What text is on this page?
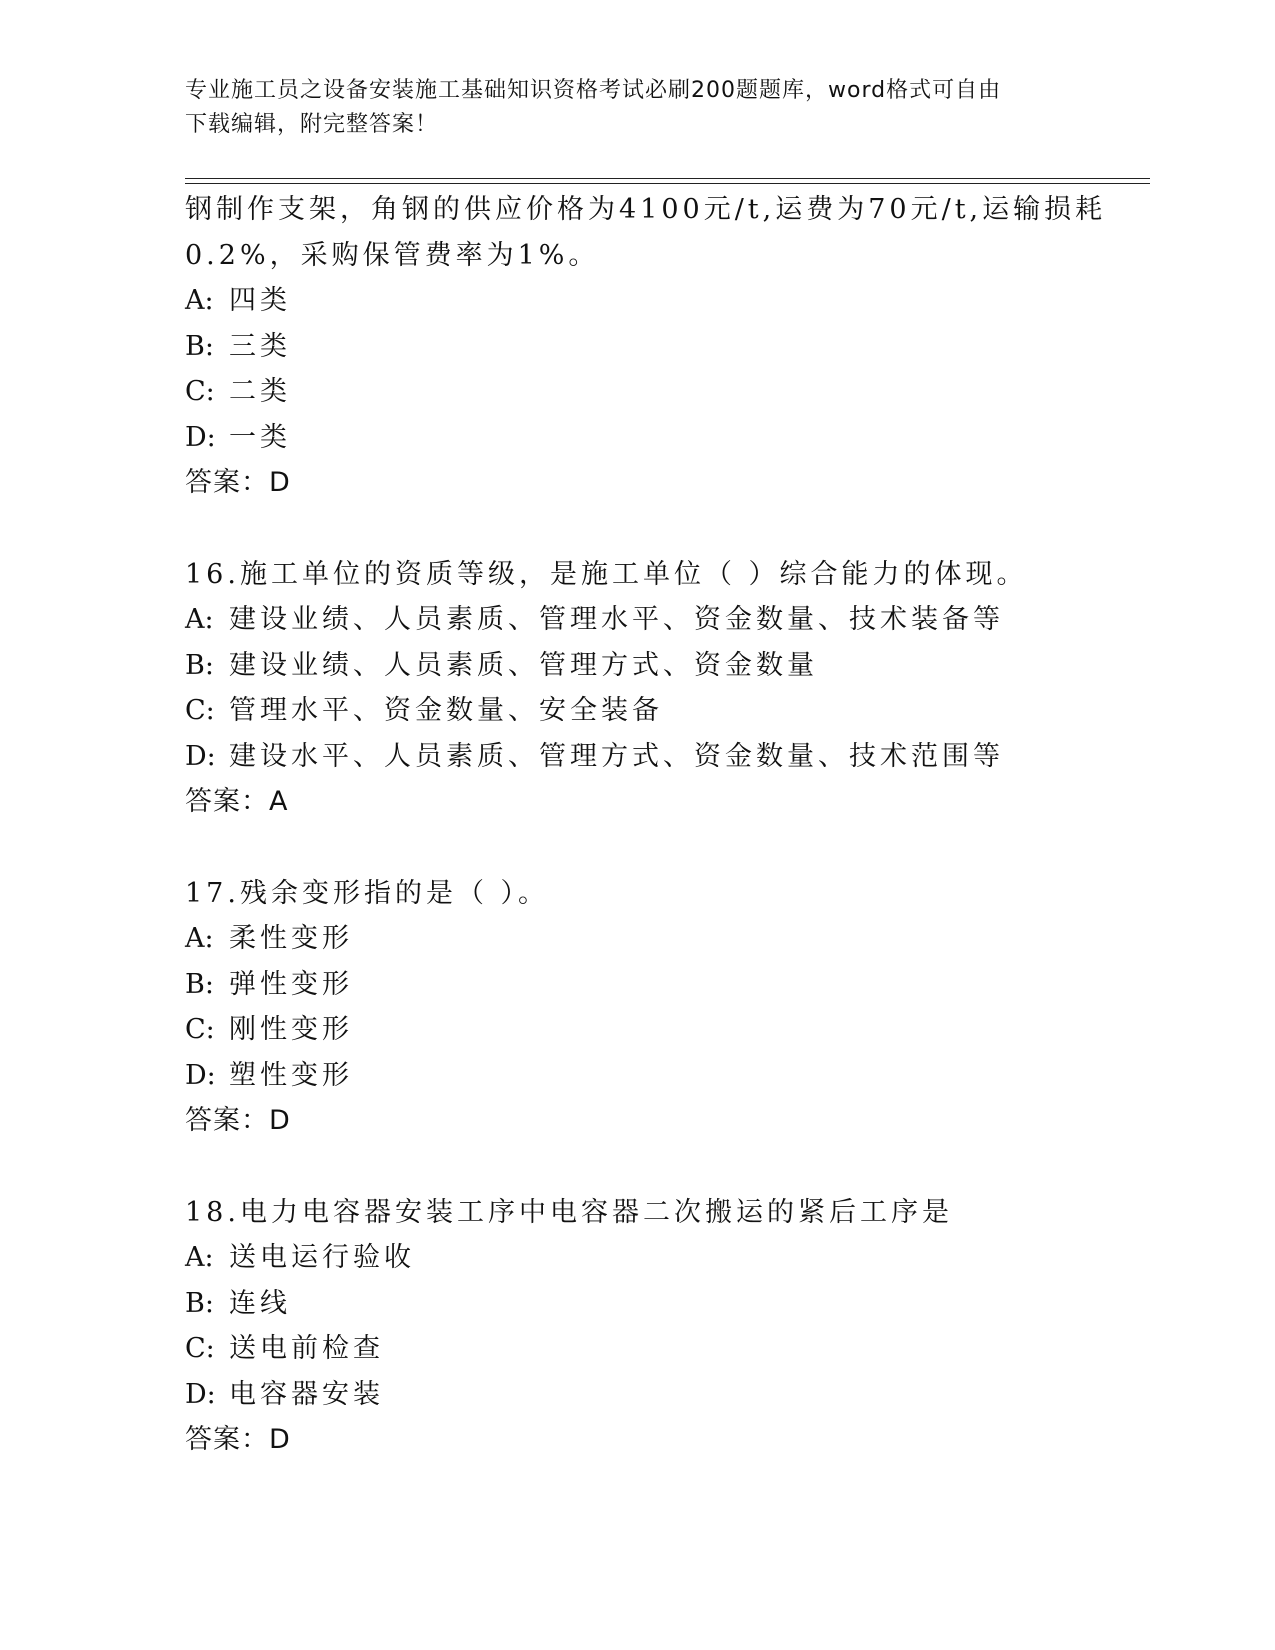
专业施工员之设备安装施工基础知识资格考试必刷200题题库，word格式可自由
下载编辑，附完整答案！
钢制作支架，角钢的供应价格为4100元/t,运费为70元/t,运输损耗
0.2%，采购保管费率为1%。
A: 四类
B: 三类
C: 二类
D: 一类
答案：D
16.施工单位的资质等级，是施工单位（ ）综合能力的体现。
A: 建设业绩、人员素质、管理水平、资金数量、技术装备等
B: 建设业绩、人员素质、管理方式、资金数量
C: 管理水平、资金数量、安全装备
D: 建设水平、人员素质、管理方式、资金数量、技术范围等
答案：A
17.残余变形指的是（ ）。
A: 柔性变形
B: 弹性变形
C: 刚性变形
D: 塑性变形
答案：D
18.电力电容器安装工序中电容器二次搬运的紧后工序是
A: 送电运行验收
B: 连线
C: 送电前检查
D: 电容器安装
答案：D
